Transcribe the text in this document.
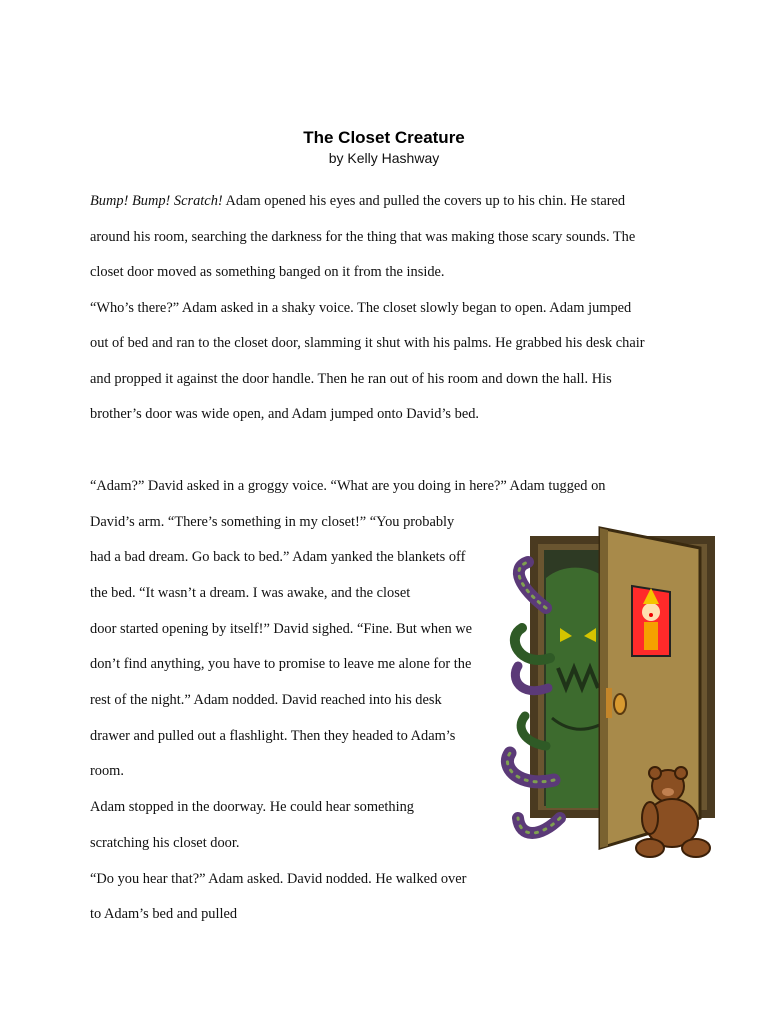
The Closet Creature
by Kelly Hashway
Bump! Bump! Scratch! Adam opened his eyes and pulled the covers up to his chin. He stared
around his room, searching the darkness for the thing that was making those scary sounds. The
closet door moved as something banged on it from the inside.
“Who’s there?” Adam asked in a shaky voice. The closet slowly began to open. Adam jumped
out of bed and ran to the closet door, slamming it shut with his palms. He grabbed his desk chair
and propped it against the door handle. Then he ran out of his room and down the hall. His
brother’s door was wide open, and Adam jumped onto David’s bed.
“Adam?” David asked in a groggy voice. “What are you doing in here?” Adam tugged on
David’s arm. “There’s something in my closet!” “You probably
had a bad dream. Go back to bed.” Adam yanked the blankets off
the bed. “It wasn’t a dream. I was awake, and the closet
door started opening by itself!” David sighed. “Fine. But when we
don’t find anything, you have to promise to leave me alone for the
rest of the night.” Adam nodded. David reached into his desk
drawer and pulled out a flashlight. Then they headed to Adam’s
room.
Adam stopped in the doorway. He could hear something
scratching his closet door.
“Do you hear that?” Adam asked. David nodded. He walked over
to Adam’s bed and pulled
